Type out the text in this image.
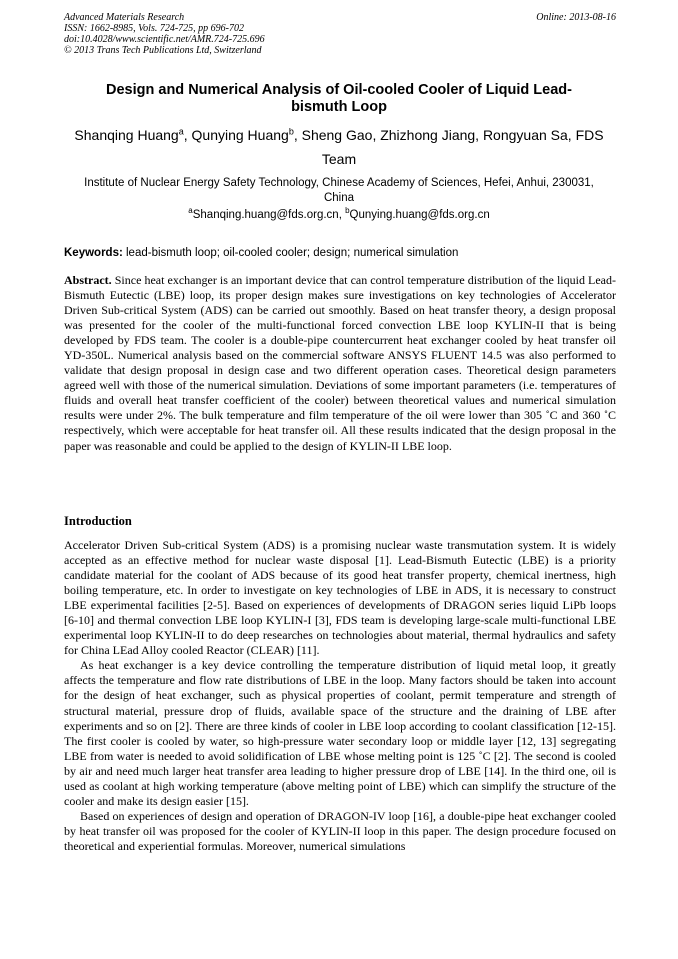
Advanced Materials Research
ISSN: 1662-8985, Vols. 724-725, pp 696-702
doi:10.4028/www.scientific.net/AMR.724-725.696
© 2013 Trans Tech Publications Ltd, Switzerland
Online: 2013-08-16
Design and Numerical Analysis of Oil-cooled Cooler of Liquid Lead-bismuth Loop
Shanqing Huang$^a$, Qunying Huang$^b$, Sheng Gao, Zhizhong Jiang, Rongyuan Sa, FDS Team
Institute of Nuclear Energy Safety Technology, Chinese Academy of Sciences, Hefei, Anhui, 230031, China
$^a$Shanqing.huang@fds.org.cn, $^b$Qunying.huang@fds.org.cn
Keywords: lead-bismuth loop; oil-cooled cooler; design; numerical simulation
Abstract. Since heat exchanger is an important device that can control temperature distribution of the liquid Lead-Bismuth Eutectic (LBE) loop, its proper design makes sure investigations on key technologies of Accelerator Driven Sub-critical System (ADS) can be carried out smoothly. Based on heat transfer theory, a design proposal was presented for the cooler of the multi-functional forced convection LBE loop KYLIN-II that is being developed by FDS team. The cooler is a double-pipe countercurrent heat exchanger cooled by heat transfer oil YD-350L. Numerical analysis based on the commercial software ANSYS FLUENT 14.5 was also performed to validate that design proposal in design case and two different operation cases. Theoretical design parameters agreed well with those of the numerical simulation. Deviations of some important parameters (i.e. temperatures of fluids and overall heat transfer coefficient of the cooler) between theoretical values and numerical simulation results were under 2%. The bulk temperature and film temperature of the oil were lower than 305 ˚C and 360 ˚C respectively, which were acceptable for heat transfer oil. All these results indicated that the design proposal in the paper was reasonable and could be applied to the design of KYLIN-II LBE loop.
Introduction

Accelerator Driven Sub-critical System (ADS) is a promising nuclear waste transmutation system. It is widely accepted as an effective method for nuclear waste disposal [1]. Lead-Bismuth Eutectic (LBE) is a priority candidate material for the coolant of ADS because of its good heat transfer property, chemical inertness, high boiling temperature, etc. In order to investigate on key technologies of LBE in ADS, it is necessary to construct LBE experimental facilities [2-5]. Based on experiences of developments of DRAGON series liquid LiPb loops [6-10] and thermal convection LBE loop KYLIN-I [3], FDS team is developing large-scale multi-functional LBE experimental loop KYLIN-II to do deep researches on technologies about material, thermal hydraulics and safety for China LEad Alloy cooled Reactor (CLEAR) [11].

As heat exchanger is a key device controlling the temperature distribution of liquid metal loop, it greatly affects the temperature and flow rate distributions of LBE in the loop. Many factors should be taken into account for the design of heat exchanger, such as physical properties of coolant, permit temperature and strength of structural material, pressure drop of fluids, available space of the structure and the draining of LBE after experiments and so on [2]. There are three kinds of cooler in LBE loop according to coolant classification [12-15]. The first cooler is cooled by water, so high-pressure water secondary loop or middle layer [12, 13] segregating LBE from water is needed to avoid solidification of LBE whose melting point is 125 ˚C [2]. The second is cooled by air and need much larger heat transfer area leading to higher pressure drop of LBE [14]. In the third one, oil is used as coolant at high working temperature (above melting point of LBE) which can simplify the structure of the cooler and make its design easier [15].

Based on experiences of design and operation of DRAGON-IV loop [16], a double-pipe heat exchanger cooled by heat transfer oil was proposed for the cooler of KYLIN-II loop in this paper. The design procedure focused on theoretical and experiential formulas. Moreover, numerical simulations
